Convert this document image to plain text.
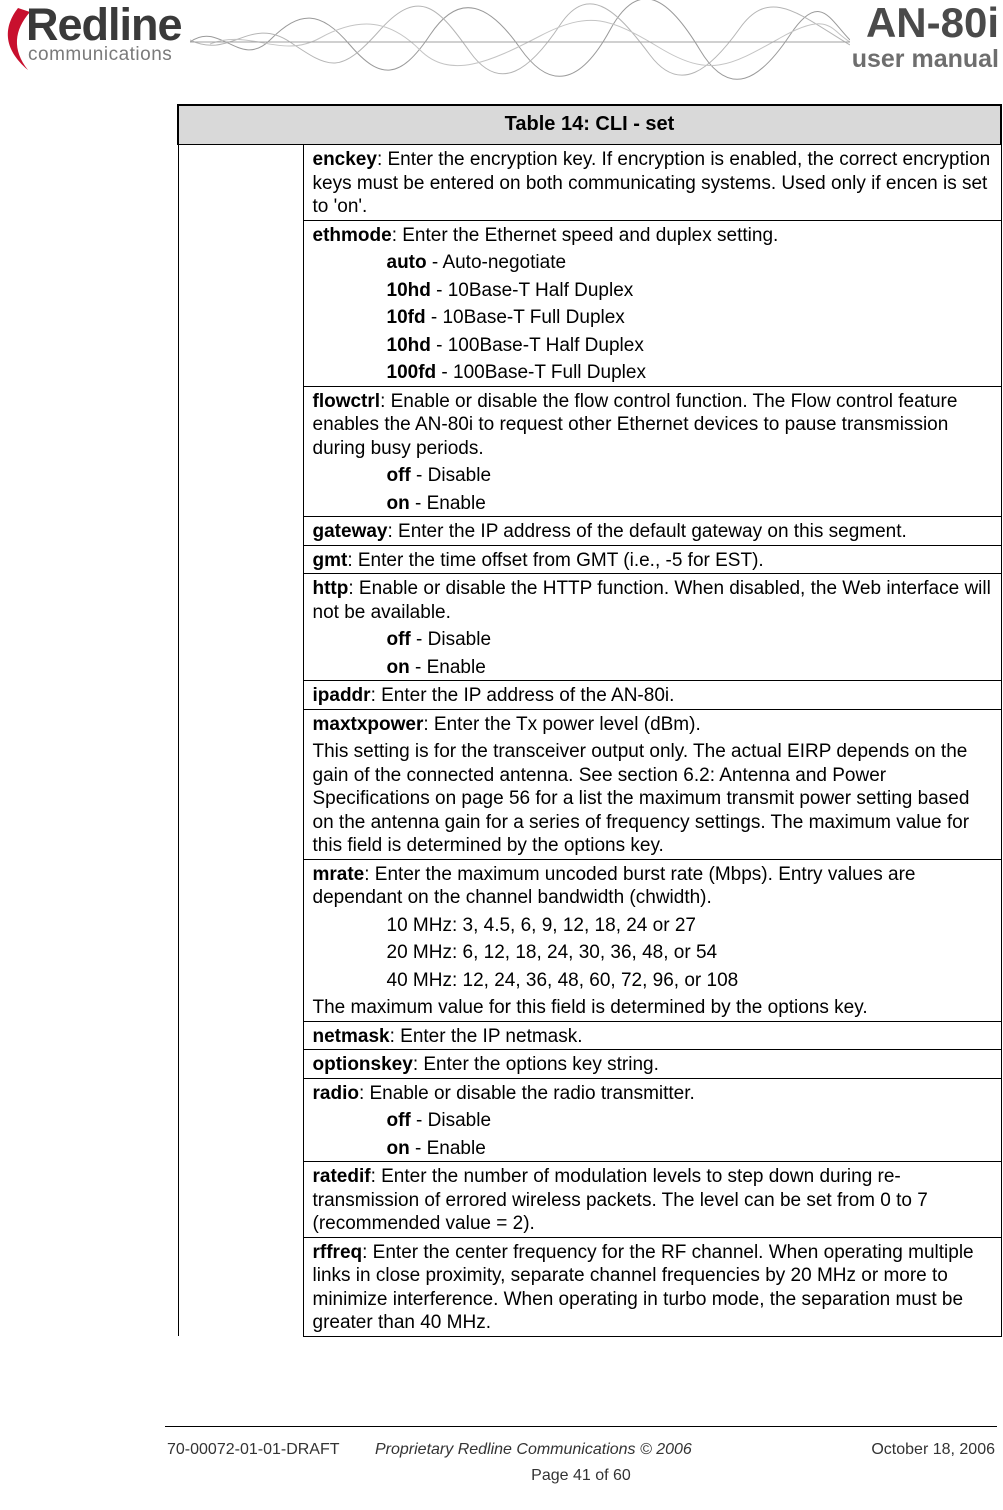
Redline
communications
AN-80i
user manual
Table 14: CLI - set

enckey: Enter the encryption key. If encryption is enabled, the correct encryption keys must be entered on both communicating systems. Used only if encen is set to 'on'.

ethmode: Enter the Ethernet speed and duplex setting.
auto - Auto-negotiate
10hd - 10Base-T Half Duplex
10fd - 10Base-T Full Duplex
10hd - 100Base-T Half Duplex
100fd - 100Base-T Full Duplex

flowctrl: Enable or disable the flow control function. The Flow control feature enables the AN-80i to request other Ethernet devices to pause transmission during busy periods.
off - Disable
on - Enable

gateway: Enter the IP address of the default gateway on this segment.

gmt: Enter the time offset from GMT (i.e., -5 for EST).

http: Enable or disable the HTTP function. When disabled, the Web interface will not be available.
off - Disable
on - Enable

ipaddr: Enter the IP address of the AN-80i.

maxtxpower: Enter the Tx power level (dBm).
This setting is for the transceiver output only. The actual EIRP depends on the gain of the connected antenna. See section 6.2: Antenna and Power Specifications on page 56 for a list the maximum transmit power setting based on the antenna gain for a series of frequency settings. The maximum value for this field is determined by the options key.

mrate: Enter the maximum uncoded burst rate (Mbps). Entry values are dependant on the channel bandwidth (chwidth).
10 MHz: 3, 4.5, 6, 9, 12, 18, 24 or 27
20 MHz: 6, 12, 18, 24, 30, 36, 48, or 54
40 MHz: 12, 24, 36, 48, 60, 72, 96, or 108
The maximum value for this field is determined by the options key.

netmask: Enter the IP netmask.

optionskey: Enter the options key string.

radio: Enable or disable the radio transmitter.
off - Disable
on - Enable

ratedif: Enter the number of modulation levels to step down during re-transmission of errored wireless packets. The level can be set from 0 to 7 (recommended value = 2).

rffreq: Enter the center frequency for the RF channel. When operating multiple links in close proximity, separate channel frequencies by 20 MHz or more to minimize interference. When operating in turbo mode, the separation must be greater than 40 MHz.
70-00072-01-01-DRAFT Proprietary Redline Communications © 2006	October 18, 2006
Page 41 of 60
